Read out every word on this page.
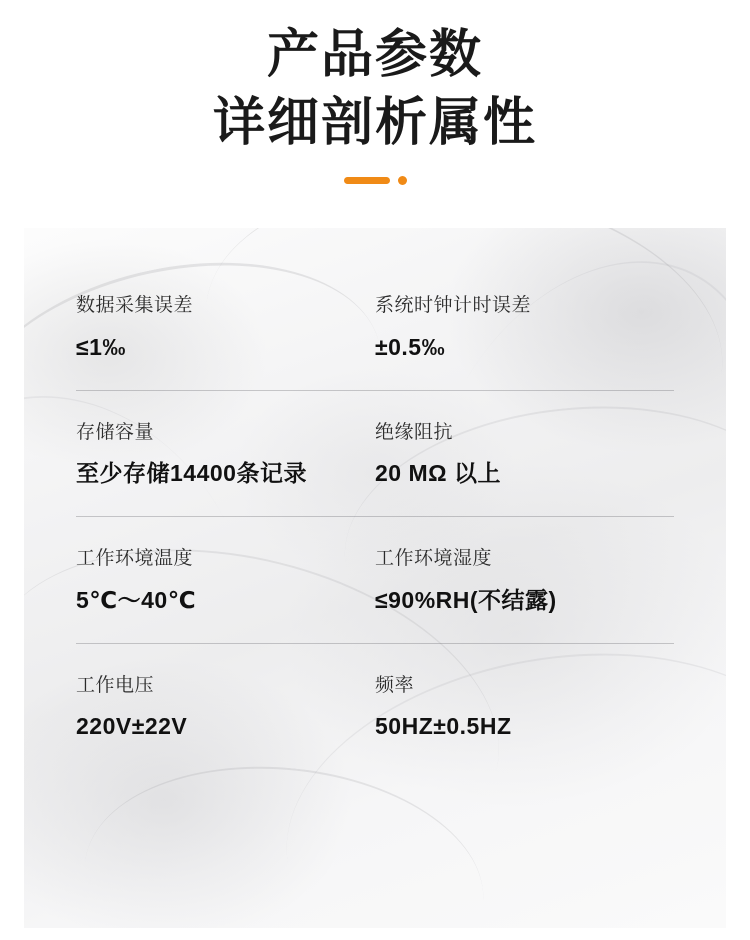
产品参数
详细剖析属性
数据采集误差
≤1‰
系统时钟计时误差
±0.5‰
存储容量
至少存储14400条记录
绝缘阻抗
20 MΩ 以上
工作环境温度
5℃～40℃
工作环境湿度
≤90%RH(不结露)
工作电压
220V±22V
频率
50HZ±0.5HZ
